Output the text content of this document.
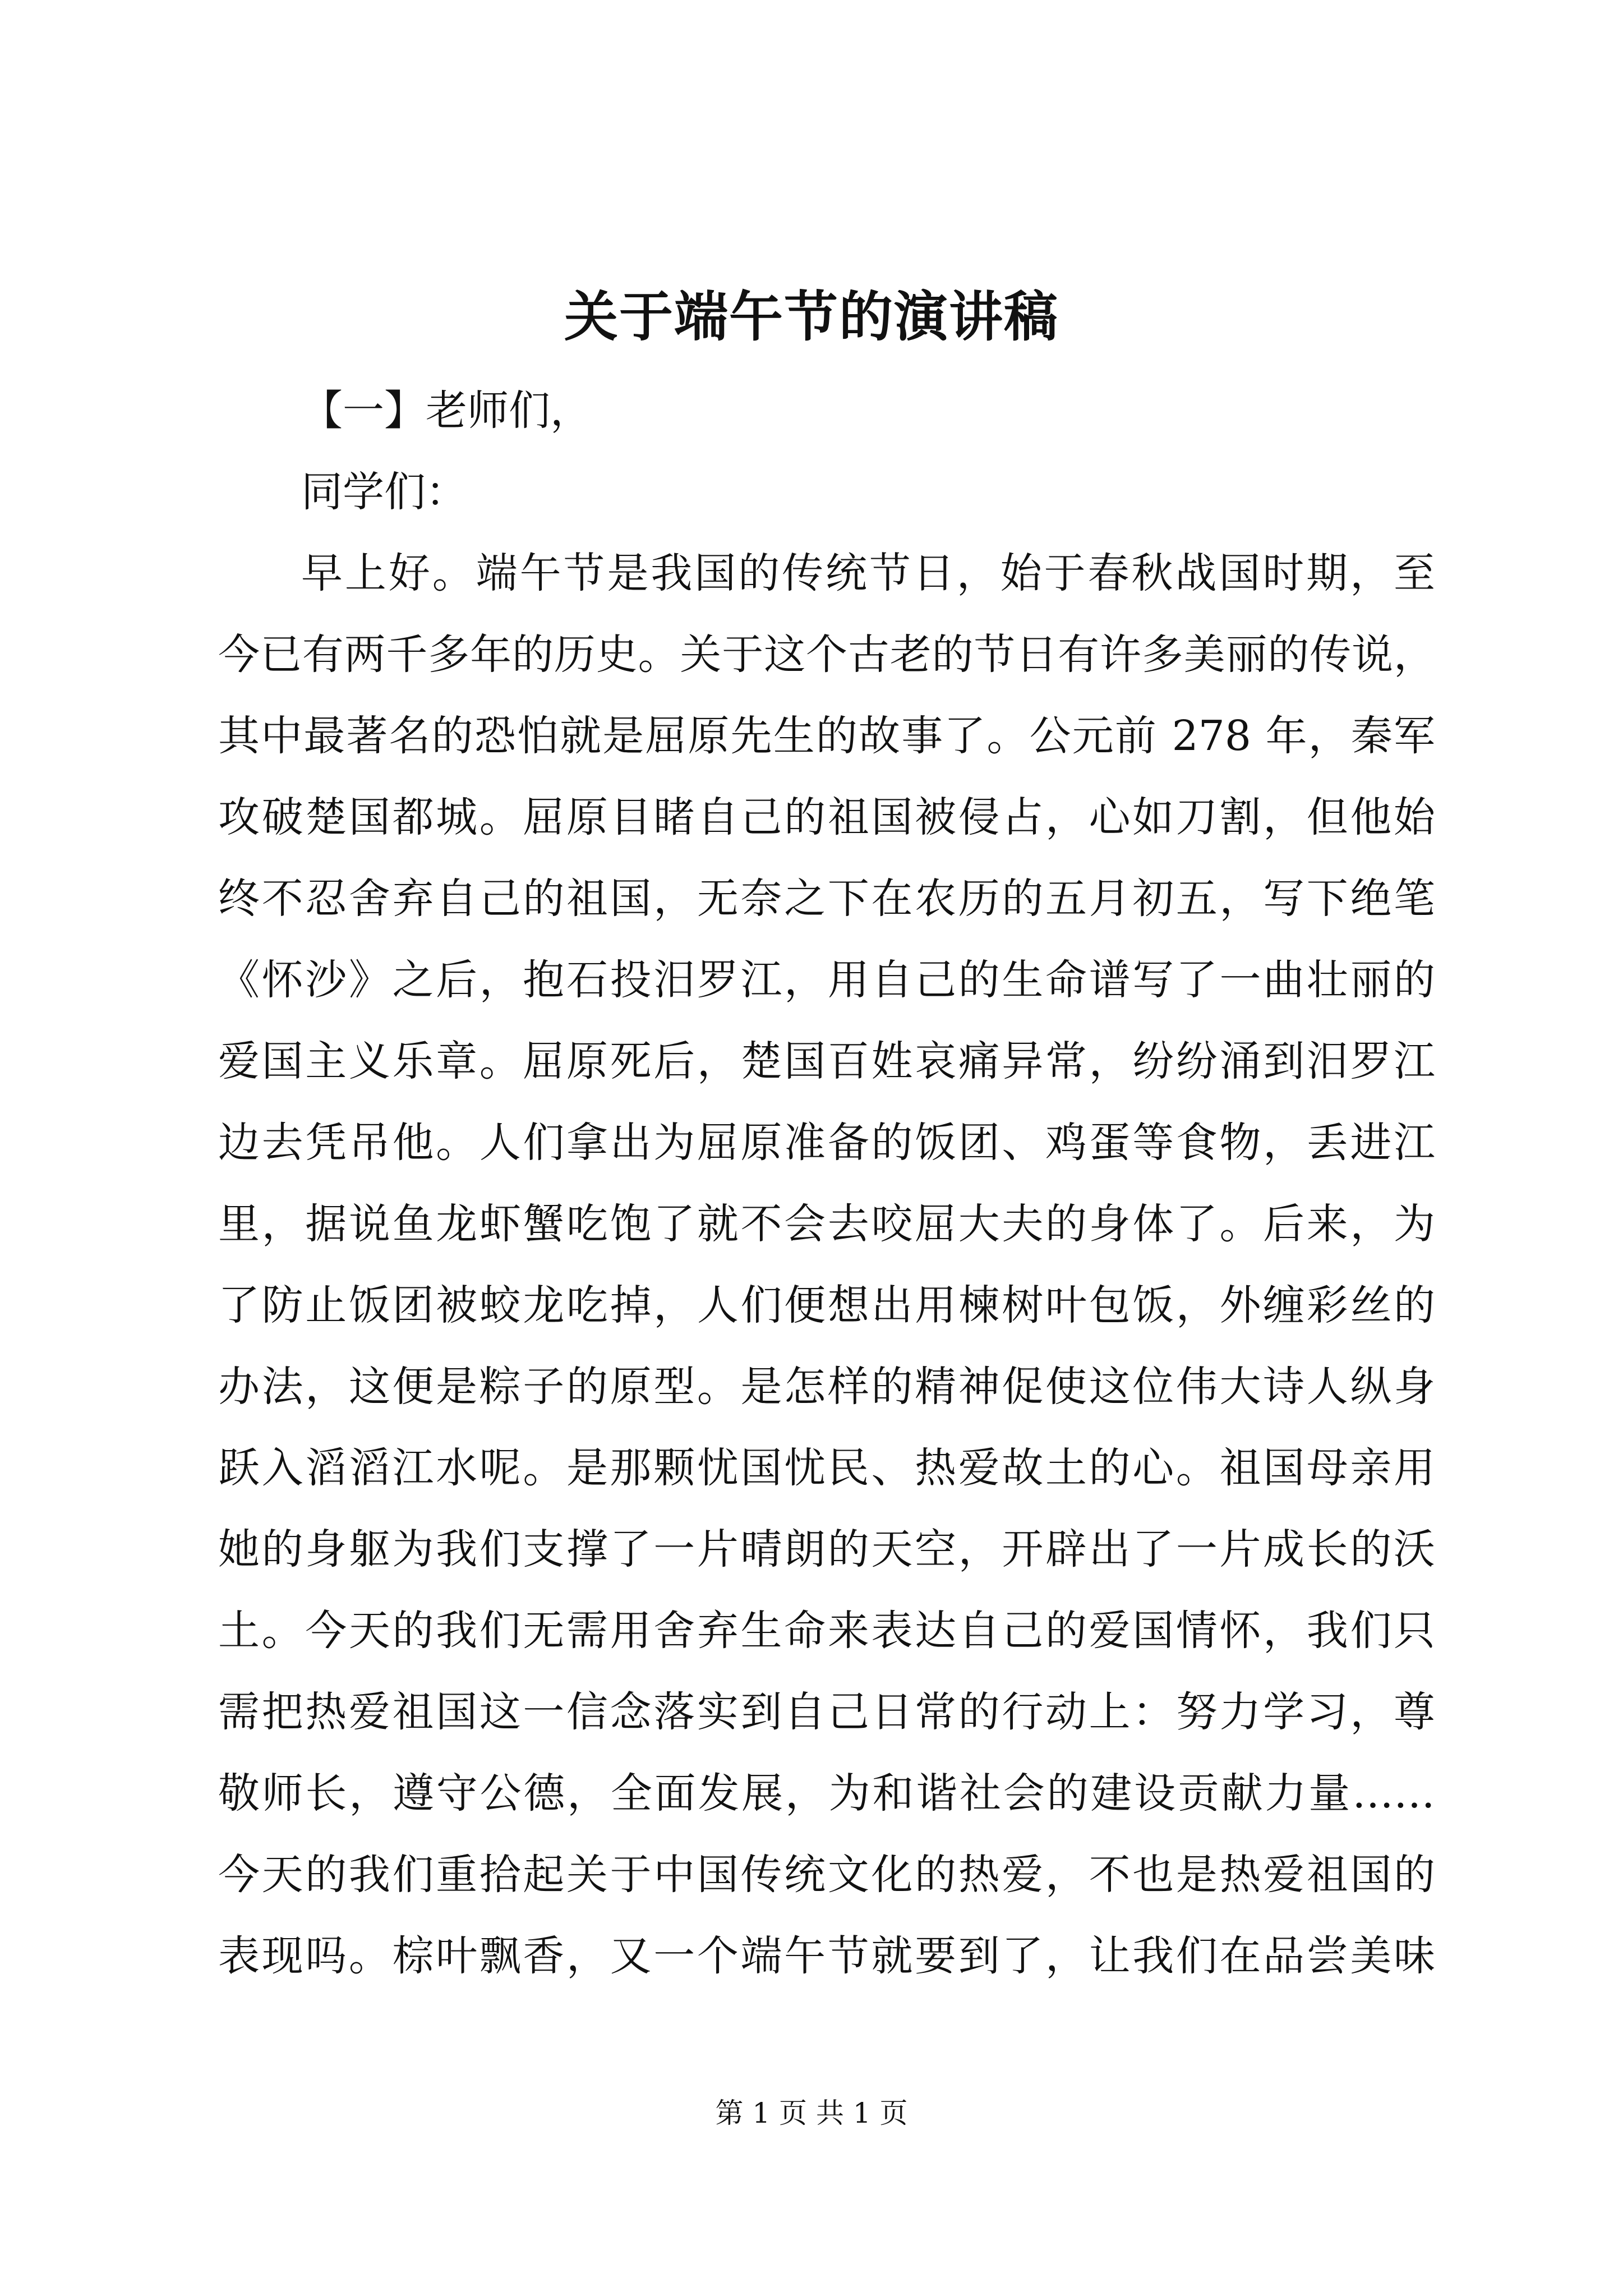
关于端午节的演讲稿
【一】老师们，
同学们：
早上好。端午节是我国的传统节日，始于春秋战国时期，至
今已有两千多年的历史。关于这个古老的节日有许多美丽的传说，
其中最著名的恐怕就是屈原先生的故事了。公元前 278 年，秦军
攻破楚国都城。屈原目睹自己的祖国被侵占，心如刀割，但他始
终不忍舍弃自己的祖国，无奈之下在农历的五月初五，写下绝笔
《怀沙》之后，抱石投汨罗江，用自己的生命谱写了一曲壮丽的
爱国主义乐章。屈原死后，楚国百姓哀痛异常，纷纷涌到汨罗江
边去凭吊他。人们拿出为屈原准备的饭团、鸡蛋等食物，丢进江
里，据说鱼龙虾蟹吃饱了就不会去咬屈大夫的身体了。后来，为
了防止饭团被蛟龙吃掉，人们便想出用楝树叶包饭，外缠彩丝的
办法，这便是粽子的原型。是怎样的精神促使这位伟大诗人纵身
跃入滔滔江水呢。是那颗忧国忧民、热爱故土的心。祖国母亲用
她的身躯为我们支撑了一片晴朗的天空，开辟出了一片成长的沃
土。今天的我们无需用舍弃生命来表达自己的爱国情怀，我们只
需把热爱祖国这一信念落实到自己日常的行动上：努力学习，尊
敬师长，遵守公德，全面发展，为和谐社会的建设贡献力量……
今天的我们重拾起关于中国传统文化的热爱，不也是热爱祖国的
表现吗。棕叶飘香，又一个端午节就要到了，让我们在品尝美味
第 1 页 共 1 页
